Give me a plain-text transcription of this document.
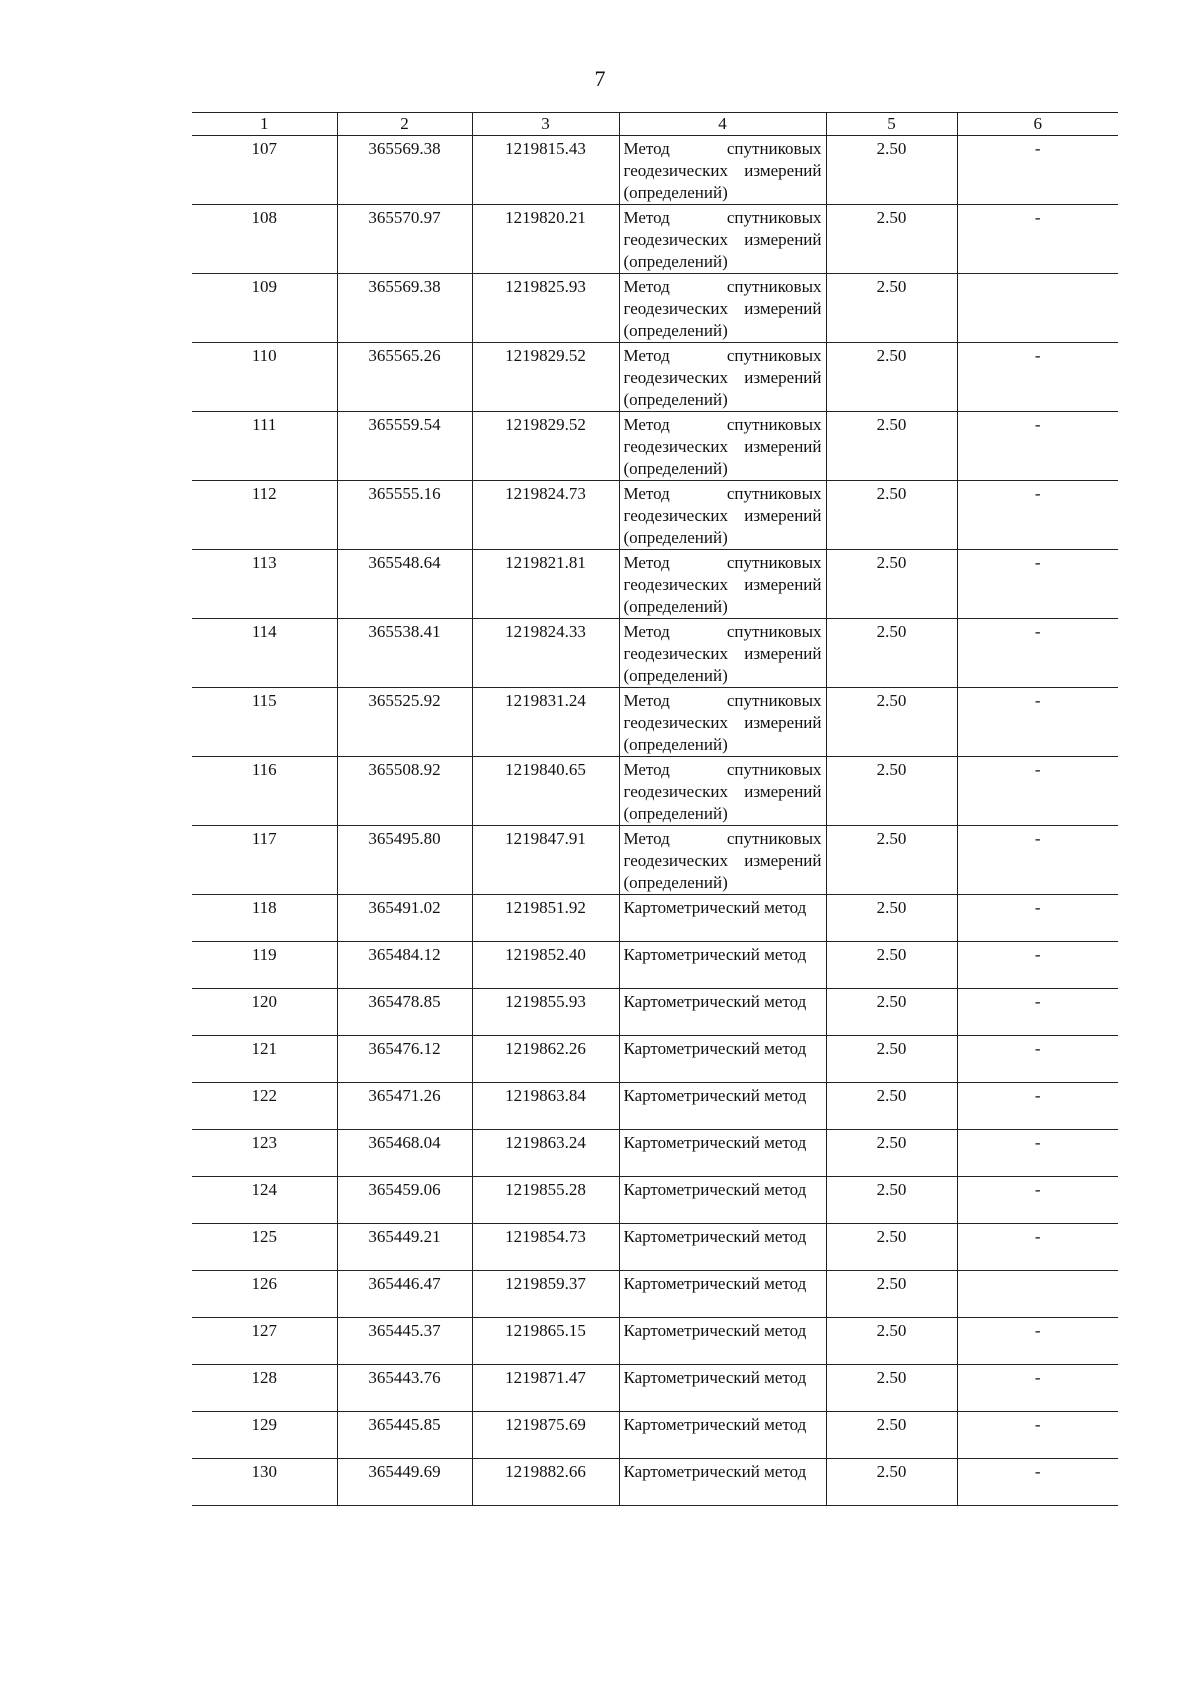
7
1	2	3	4	5	6
107	365569.38	1219815.43	Метод спутниковых геодезических измерений (определений)	2.50	-
108	365570.97	1219820.21	Метод спутниковых геодезических измерений (определений)	2.50	-
109	365569.38	1219825.93	Метод спутниковых геодезических измерений (определений)	2.50	
110	365565.26	1219829.52	Метод спутниковых геодезических измерений (определений)	2.50	-
111	365559.54	1219829.52	Метод спутниковых геодезических измерений (определений)	2.50	-
112	365555.16	1219824.73	Метод спутниковых геодезических измерений (определений)	2.50	-
113	365548.64	1219821.81	Метод спутниковых геодезических измерений (определений)	2.50	-
114	365538.41	1219824.33	Метод спутниковых геодезических измерений (определений)	2.50	-
115	365525.92	1219831.24	Метод спутниковых геодезических измерений (определений)	2.50	-
116	365508.92	1219840.65	Метод спутниковых геодезических измерений (определений)	2.50	-
117	365495.80	1219847.91	Метод спутниковых геодезических измерений (определений)	2.50	-
118	365491.02	1219851.92	Картометрический метод	2.50	-
119	365484.12	1219852.40	Картометрический метод	2.50	-
120	365478.85	1219855.93	Картометрический метод	2.50	-
121	365476.12	1219862.26	Картометрический метод	2.50	-
122	365471.26	1219863.84	Картометрический метод	2.50	-
123	365468.04	1219863.24	Картометрический метод	2.50	-
124	365459.06	1219855.28	Картометрический метод	2.50	-
125	365449.21	1219854.73	Картометрический метод	2.50	-
126	365446.47	1219859.37	Картометрический метод	2.50	
127	365445.37	1219865.15	Картометрический метод	2.50	-
128	365443.76	1219871.47	Картометрический метод	2.50	-
129	365445.85	1219875.69	Картометрический метод	2.50	-
130	365449.69	1219882.66	Картометрический метод	2.50	-
